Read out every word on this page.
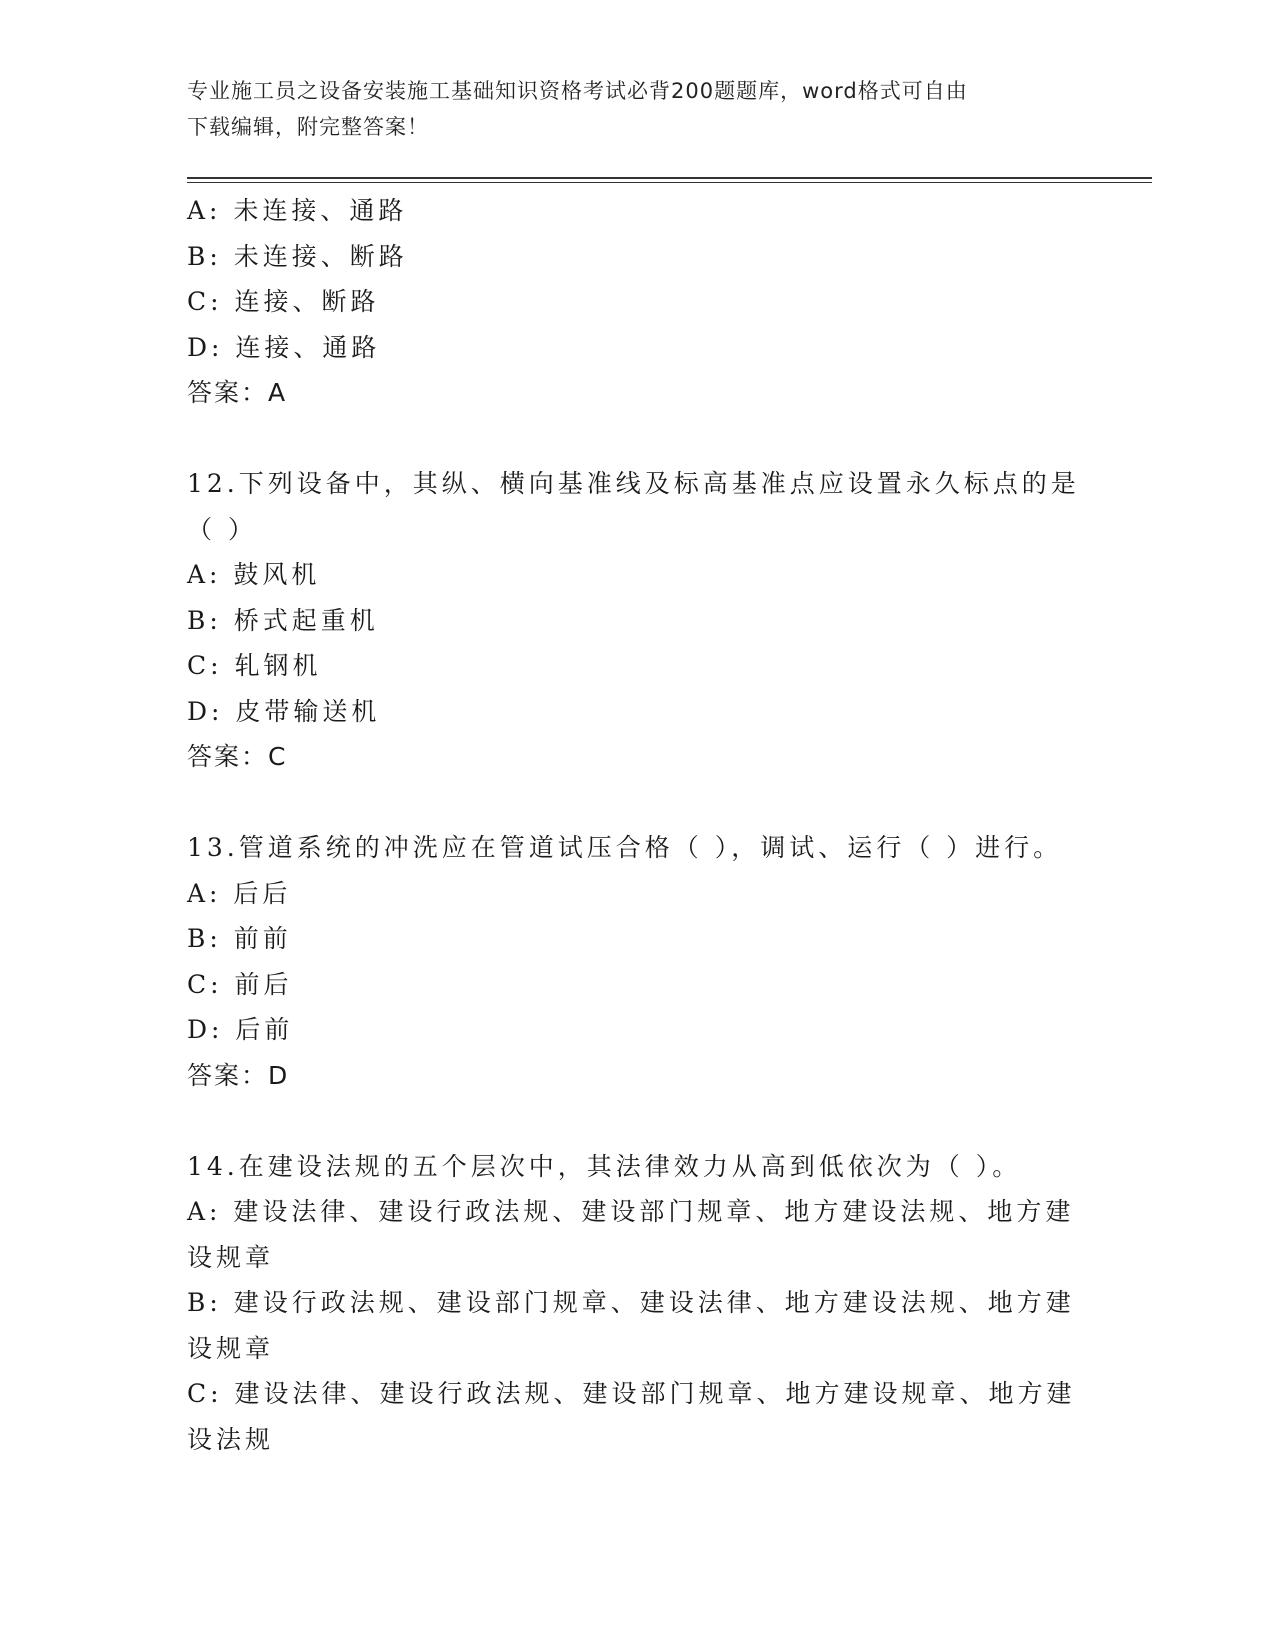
专业施工员之设备安装施工基础知识资格考试必背200题题库，word格式可自由
下载编辑，附完整答案！
A: 未连接、通路
B: 未连接、断路
C: 连接、断路
D: 连接、通路
答案：A
12.下列设备中，其纵、横向基准线及标高基准点应设置永久标点的是
（ ）
A: 鼓风机
B: 桥式起重机
C: 轧钢机
D: 皮带输送机
答案：C
13.管道系统的冲洗应在管道试压合格（ ），调试、运行（ ）进行。
A: 后后
B: 前前
C: 前后
D: 后前
答案：D
14.在建设法规的五个层次中，其法律效力从高到低依次为（ ）。
A: 建设法律、建设行政法规、建设部门规章、地方建设法规、地方建
设规章
B: 建设行政法规、建设部门规章、建设法律、地方建设法规、地方建
设规章
C: 建设法律、建设行政法规、建设部门规章、地方建设规章、地方建
设法规
